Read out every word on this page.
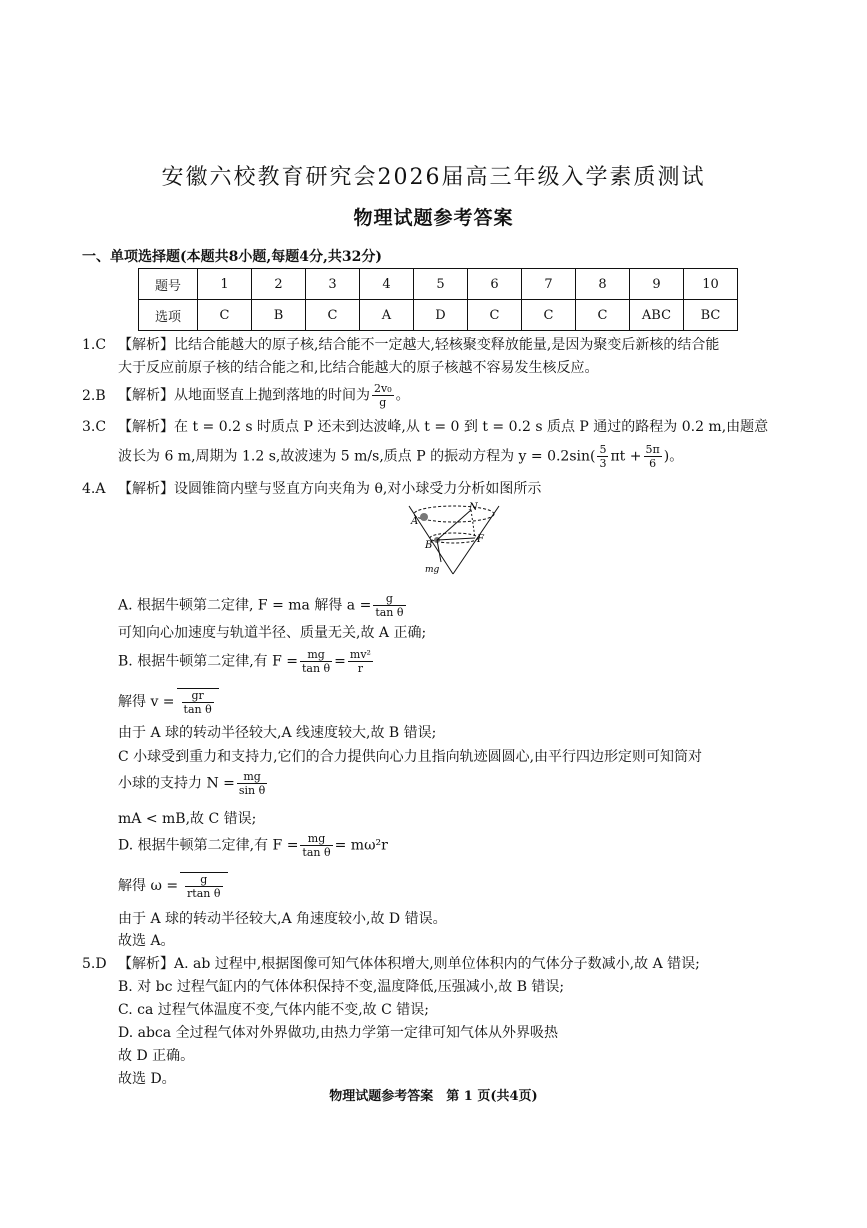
安徽六校教育研究会2026届高三年级入学素质测试
物理试题参考答案
一、单项选择题(本题共8小题,每题4分,共32分)
题号	1	2	3	4	5	6	7	8	9	10
选项	C	B	C	A	D	C	C	C	ABC	BC
1.C 【解析】比结合能越大的原子核,结合能不一定越大,轻核聚变释放能量,是因为聚变后新核的结合能
大于反应前原子核的结合能之和,比结合能越大的原子核越不容易发生核反应。
2.B 【解析】从地面竖直上抛到落地的时间为 $\frac{\text{2v₀}}{g}$ 。
3.C 【解析】在 t = 0.2 s 时质点 P 还未到达波峰,从 t = 0 到 t = 0.2 s 质点 P 通过的路程为 0.2 m,由题意
波长为 6 m,周期为 1.2 s,故波速为 5 m/s,质点 P 的振动方程为 $y = 0.2\sin( \frac{5}{3}$ $\pi t + \frac{5\pi}{6}$ )。
4.A 【解析】设圆锥筒内壁与竖直方向夹角为 θ,对小球受力分析如图所示
A
B
N
F
mg
A. 根据牛顿第二定律, F = ma 解得 $a = \frac{g}{\text{tan θ}}$
可知向心加速度与轨道半径、质量无关,故 A 正确;
B. 根据牛顿第二定律,有 $F = \frac{mg}{\text{tan θ}} = \frac{\text{mv²}}{r}$
解得 $v = \frac{gr}{\text{tan θ}}$
由于 A 球的转动半径较大,A 线速度较大,故 B 错误;
C 小球受到重力和支持力,它们的合力提供向心力且指向轨迹圆圆心,由平行四边形定则可知筒对
小球的支持力 $N = \frac{mg}{\text{sin θ}}$
mA < mB,故 C 错误;
D. 根据牛顿第二定律,有 $F = \frac{mg}{\text{tan θ}} = m\omega^2r$
解得 $\omega = \frac{g}{\text{rtan θ}}$
由于 A 球的转动半径较大,A 角速度较小,故 D 错误。
故选 A。
5.D 【解析】A. ab 过程中,根据图像可知气体体积增大,则单位体积内的气体分子数减小,故 A 错误;
B. 对 bc 过程气缸内的气体体积保持不变,温度降低,压强减小,故 B 错误;
C. ca 过程气体温度不变,气体内能不变,故 C 错误;
D. abca 全过程气体对外界做功,由热力学第一定律可知气体从外界吸热
故 D 正确。
故选 D。
物理试题参考答案　第 1 页(共4页)
